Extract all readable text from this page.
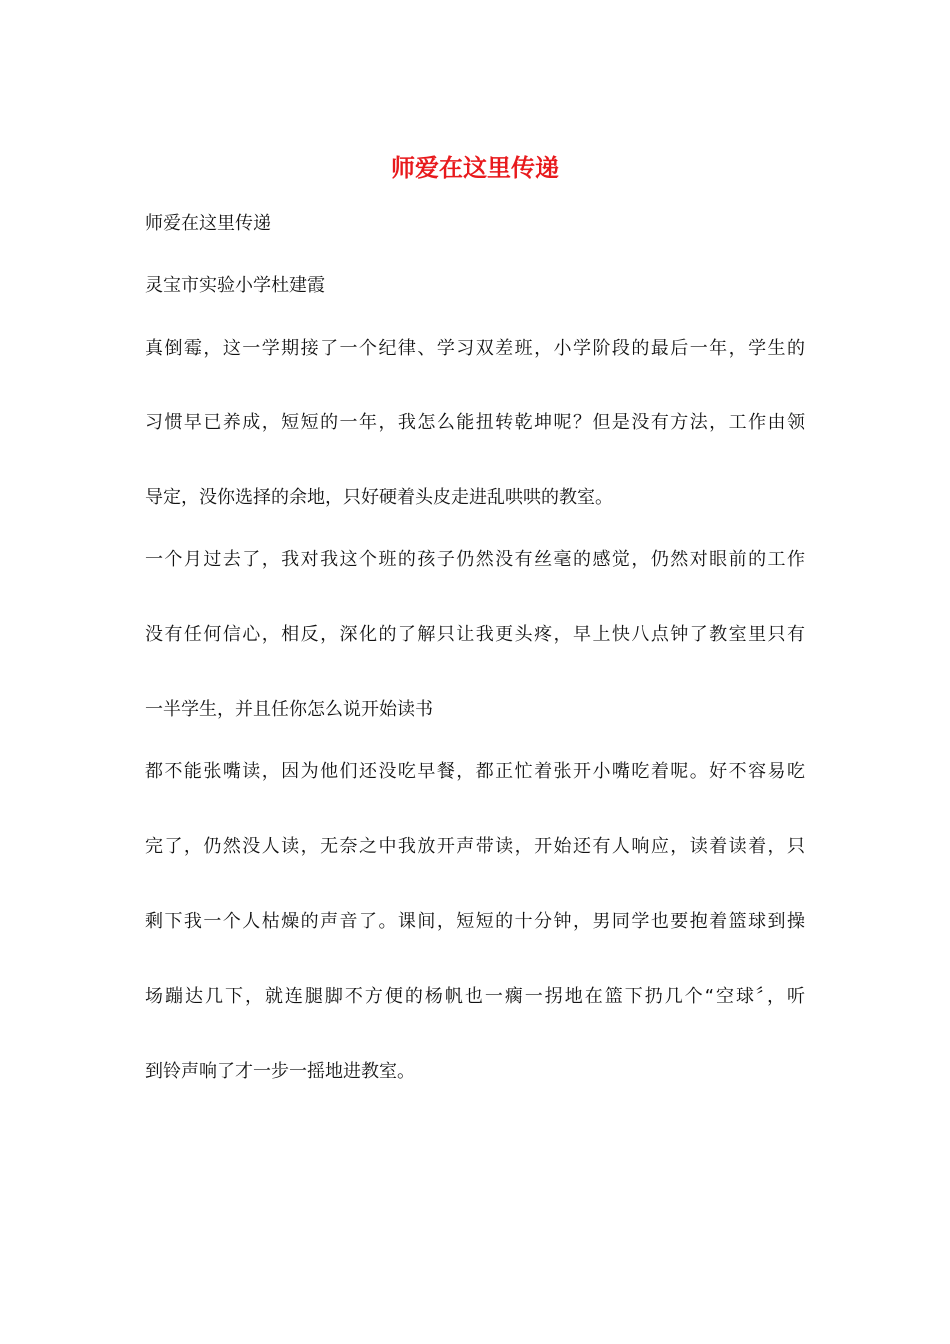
师爱在这里传递

师爱在这里传递

灵宝市实验小学杜建霞

真倒霉，这一学期接了一个纪律、学习双差班，小学阶段的最后一年，学生的

习惯早已养成，短短的一年，我怎么能扭转乾坤呢？但是没有方法，工作由领

导定，没你选择的余地，只好硬着头皮走进乱哄哄的教室。

一个月过去了，我对我这个班的孩子仍然没有丝毫的感觉，仍然对眼前的工作

没有任何信心，相反，深化的了解只让我更头疼，早上快八点钟了教室里只有

一半学生，并且任你怎么说开始读书

都不能张嘴读，因为他们还没吃早餐，都正忙着张开小嘴吃着呢。好不容易吃

完了，仍然没人读，无奈之中我放开声带读，开始还有人响应，读着读着，只

剩下我一个人枯燥的声音了。课间，短短的十分钟，男同学也要抱着篮球到操

场蹦达几下，就连腿脚不方便的杨帆也一瘸一拐地在篮下扔几个“空球〞，听

到铃声响了才一步一摇地进教室。
